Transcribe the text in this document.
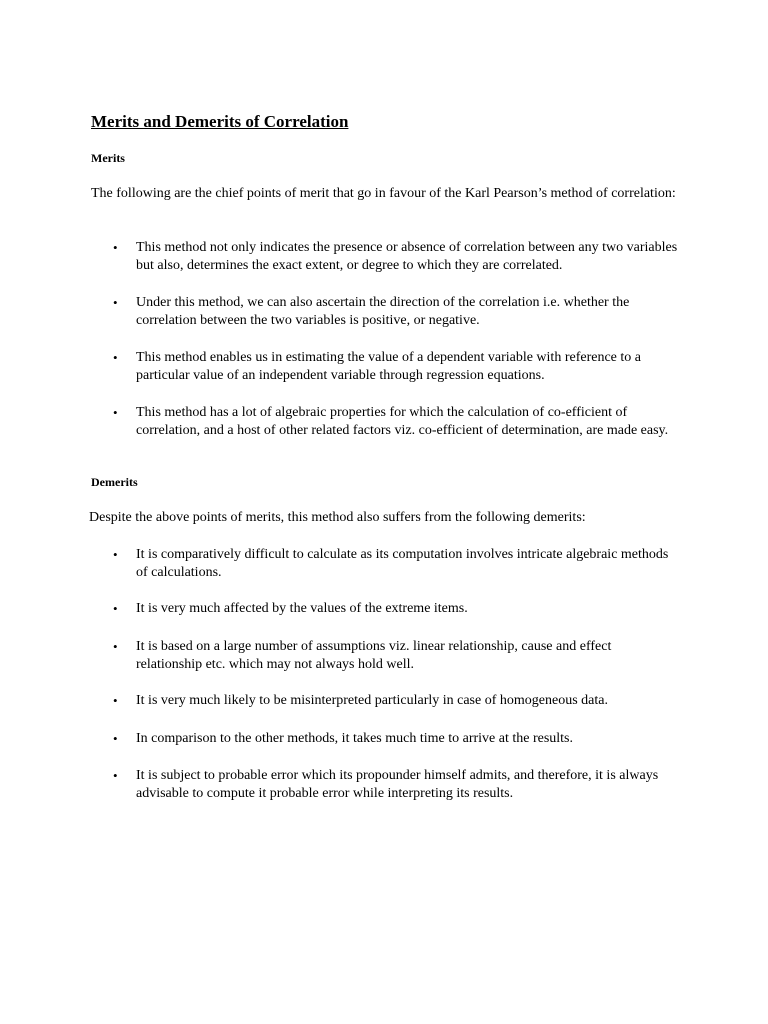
Merits and Demerits of Correlation
Merits

The following are the chief points of merit that go in favour of the Karl Pearson’s method of correlation:

• This method not only indicates the presence or absence of correlation between any two variables but also, determines the exact extent, or degree to which they are correlated.
• Under this method, we can also ascertain the direction of the correlation i.e. whether the correlation between the two variables is positive, or negative.
• This method enables us in estimating the value of a dependent variable with reference to a particular value of an independent variable through regression equations.
• This method has a lot of algebraic properties for which the calculation of co-efficient of correlation, and a host of other related factors viz. co-efficient of determination, are made easy.
Demerits

Despite the above points of merits, this method also suffers from the following demerits:

• It is comparatively difficult to calculate as its computation involves intricate algebraic methods of calculations.
• It is very much affected by the values of the extreme items.
• It is based on a large number of assumptions viz. linear relationship, cause and effect relationship etc. which may not always hold well.
• It is very much likely to be misinterpreted particularly in case of homogeneous data.
• In comparison to the other methods, it takes much time to arrive at the results.
• It is subject to probable error which its propounder himself admits, and therefore, it is always advisable to compute it probable error while interpreting its results.
